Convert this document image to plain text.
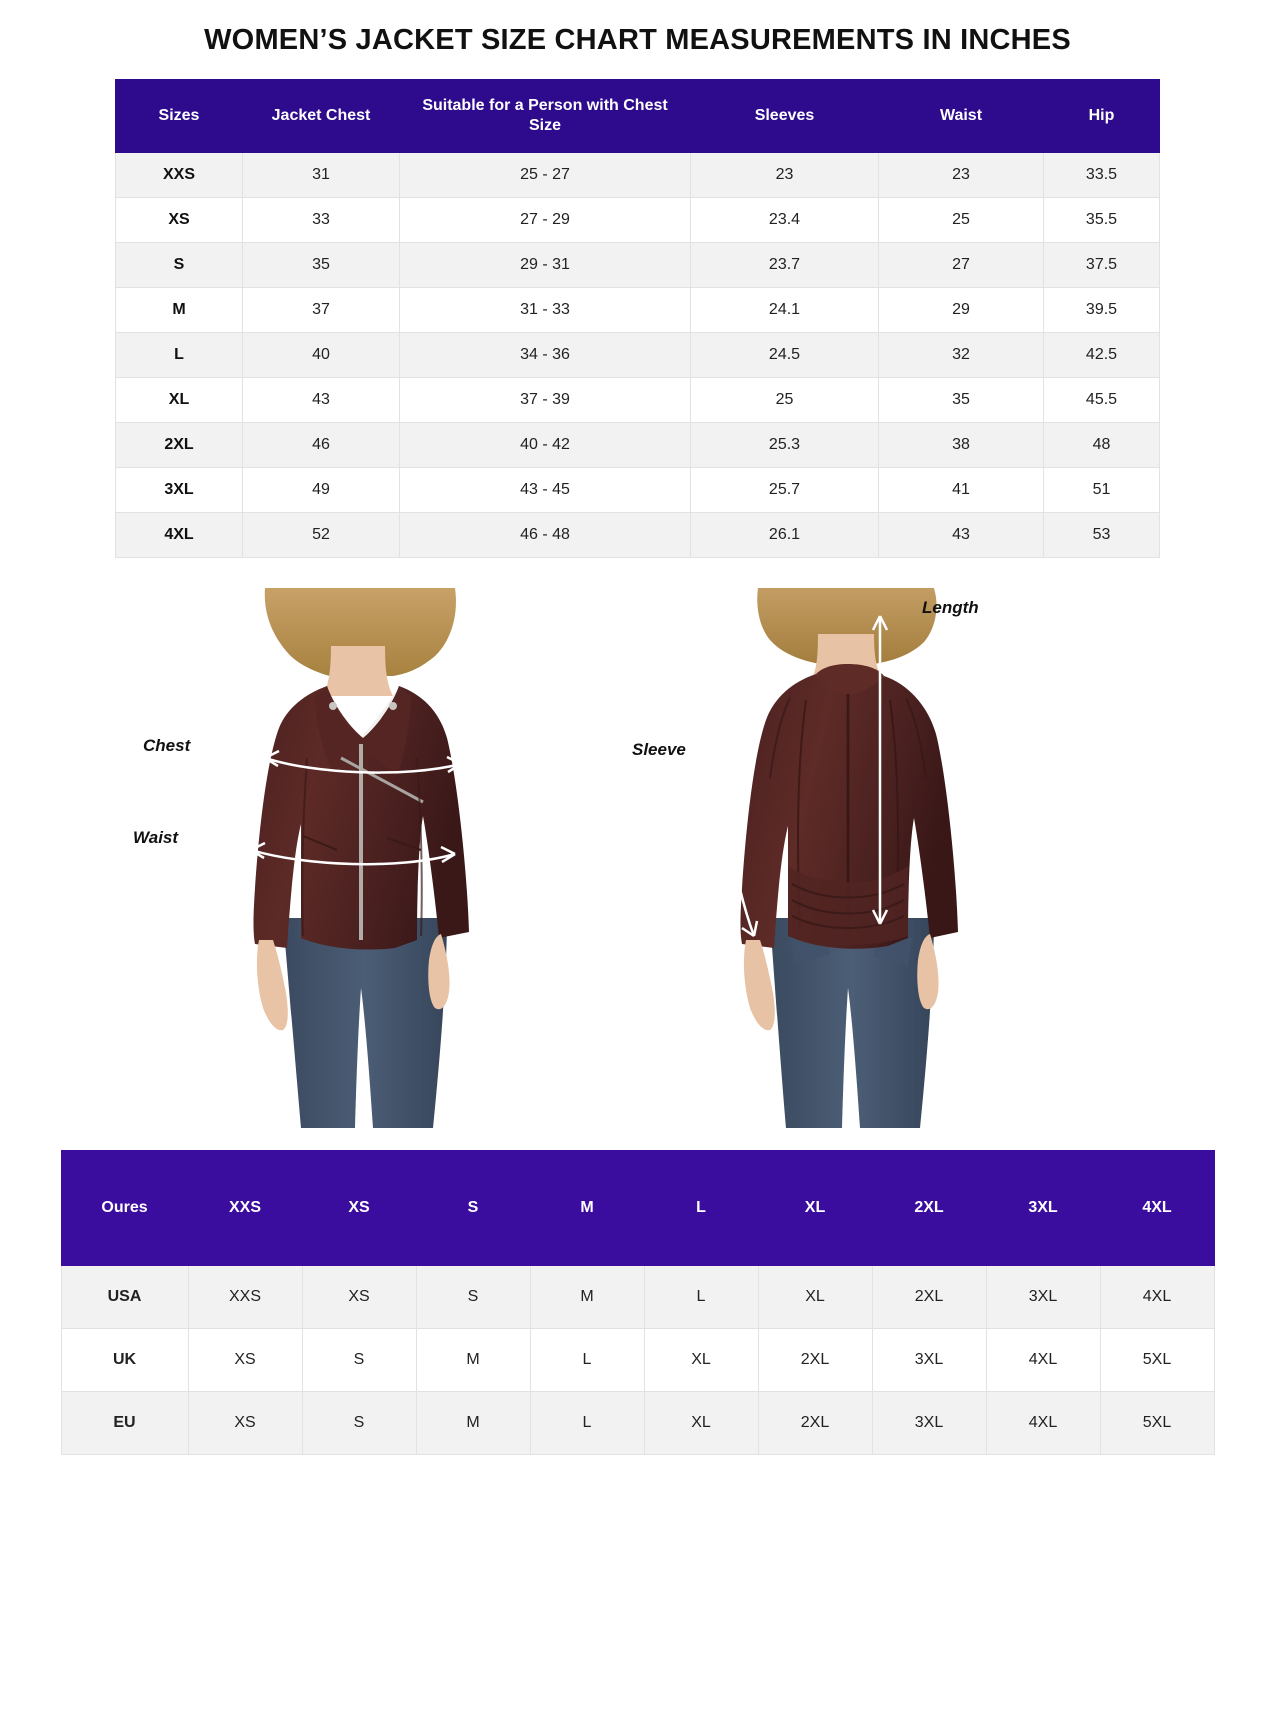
WOMEN’S JACKET SIZE CHART MEASUREMENTS IN INCHES
Sizes	Jacket Chest	Suitable for a Person with Chest Size	Sleeves	Waist	Hip
XXS	31	25 - 27	23	23	33.5
XS	33	27 - 29	23.4	25	35.5
S	35	29 - 31	23.7	27	37.5
M	37	31 - 33	24.1	29	39.5
L	40	34 - 36	24.5	32	42.5
XL	43	37 - 39	25	35	45.5
2XL	46	40 - 42	25.3	38	48
3XL	49	43 - 45	25.7	41	51
4XL	52	46 - 48	26.1	43	53
Chest
Waist
Length
Sleeve
Oures	XXS	XS	S	M	L	XL	2XL	3XL	4XL
USA	XXS	XS	S	M	L	XL	2XL	3XL	4XL
UK	XS	S	M	L	XL	2XL	3XL	4XL	5XL
EU	XS	S	M	L	XL	2XL	3XL	4XL	5XL
